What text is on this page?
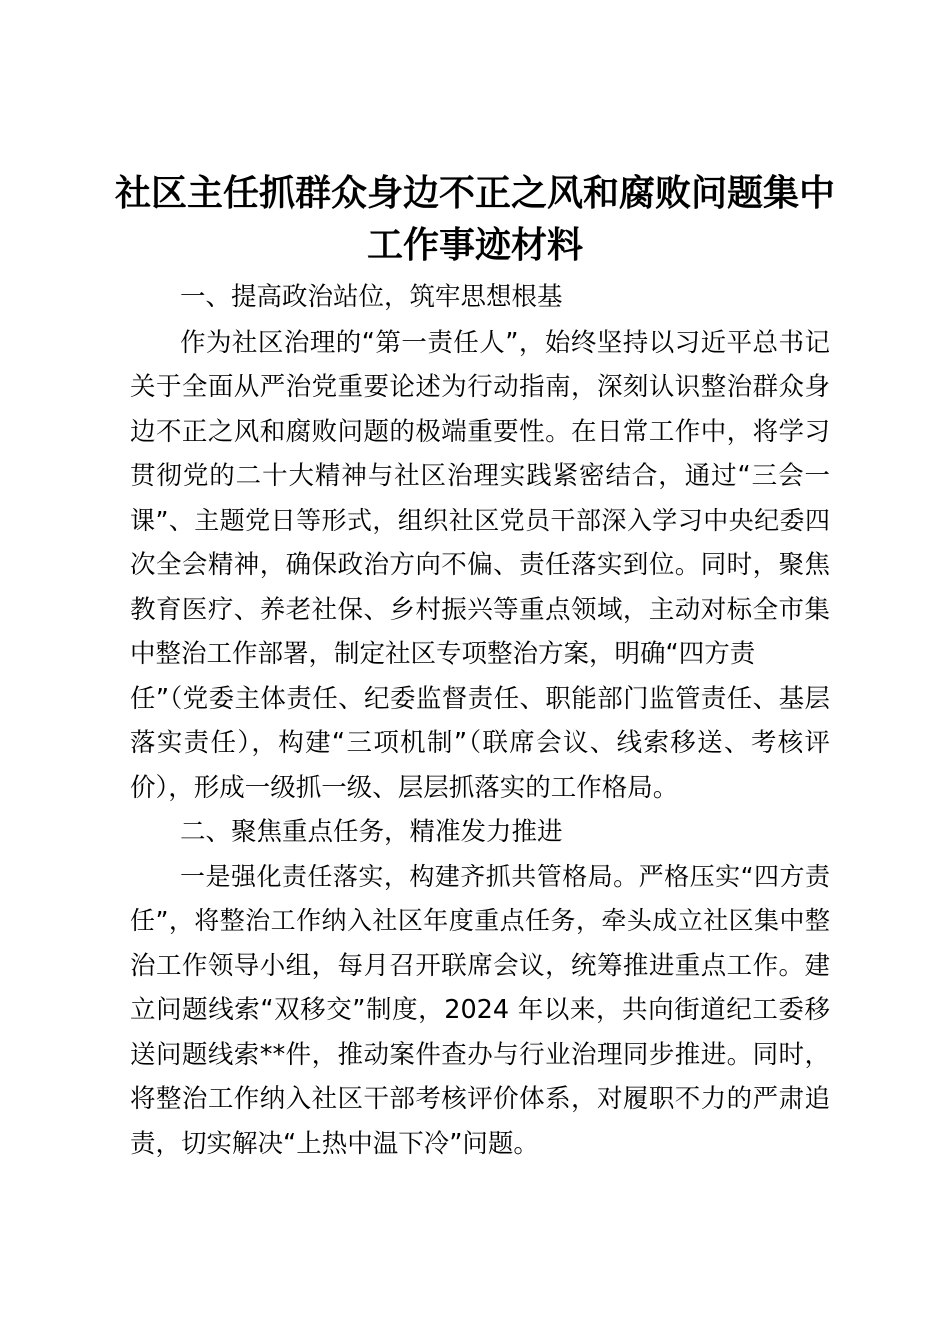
社区主任抓群众身边不正之风和腐败问题集中
工作事迹材料
一、提高政治站位，筑牢思想根基
作为社区治理的“第一责任人”，始终坚持以习近平总书记
关于全面从严治党重要论述为行动指南，深刻认识整治群众身
边不正之风和腐败问题的极端重要性。在日常工作中，将学习
贯彻党的二十大精神与社区治理实践紧密结合，通过“三会一
课”、主题党日等形式，组织社区党员干部深入学习中央纪委四
次全会精神，确保政治方向不偏、责任落实到位。同时，聚焦
教育医疗、养老社保、乡村振兴等重点领域，主动对标全市集
中整治工作部署，制定社区专项整治方案，明确“四方责
任”（党委主体责任、纪委监督责任、职能部门监管责任、基层
落实责任），构建“三项机制”（联席会议、线索移送、考核评
价），形成一级抓一级、层层抓落实的工作格局。
二、聚焦重点任务，精准发力推进
一是强化责任落实，构建齐抓共管格局。严格压实“四方责
任”，将整治工作纳入社区年度重点任务，牵头成立社区集中整
治工作领导小组，每月召开联席会议，统筹推进重点工作。建
立问题线索“双移交”制度，2024 年以来，共向街道纪工委移
送问题线索**件，推动案件查办与行业治理同步推进。同时，
将整治工作纳入社区干部考核评价体系，对履职不力的严肃追
责，切实解决“上热中温下冷”问题。
